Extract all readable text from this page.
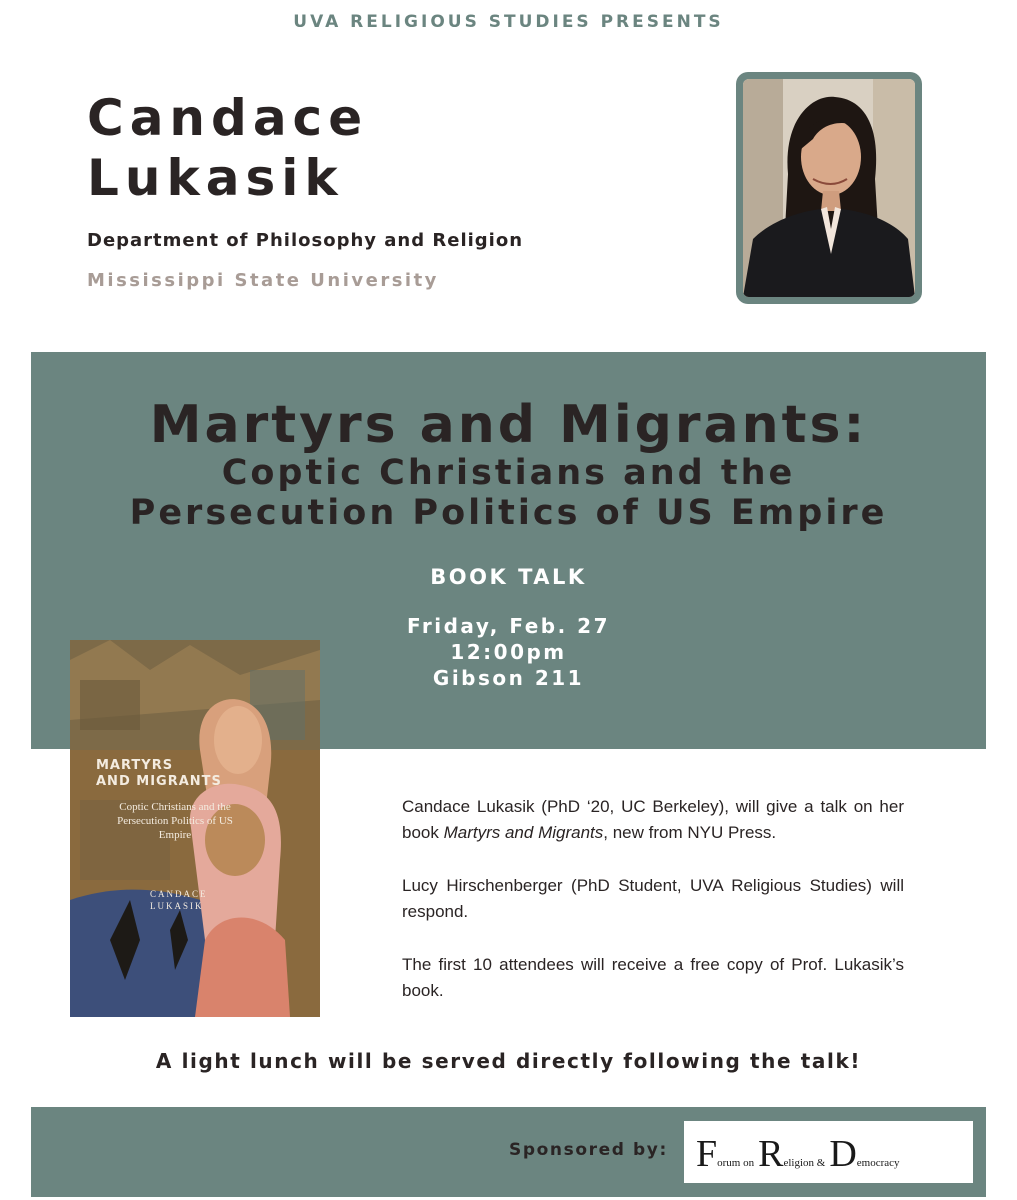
UVA RELIGIOUS STUDIES PRESENTS
Candace
Lukasik
Department of Philosophy and Religion
Mississippi State University
Martyrs and Migrants:
Coptic Christians and the
Persecution Politics of US Empire
BOOK TALK
Friday, Feb. 27
12:00pm
Gibson 211
MARTYRS
AND MIGRANTS
Coptic Christians and the Persecution Politics of US Empire
CANDACE
LUKASIK

Candace Lukasik (PhD ‘20, UC Berkeley), will give a talk on her book Martyrs and Migrants, new from NYU Press.

Lucy Hirschenberger (PhD Student, UVA Religious Studies) will respond.

The first 10 attendees will receive a free copy of Prof. Lukasik’s book.

A light lunch will be served directly following the talk!
Sponsored by: Forum on Religion & Democracy
